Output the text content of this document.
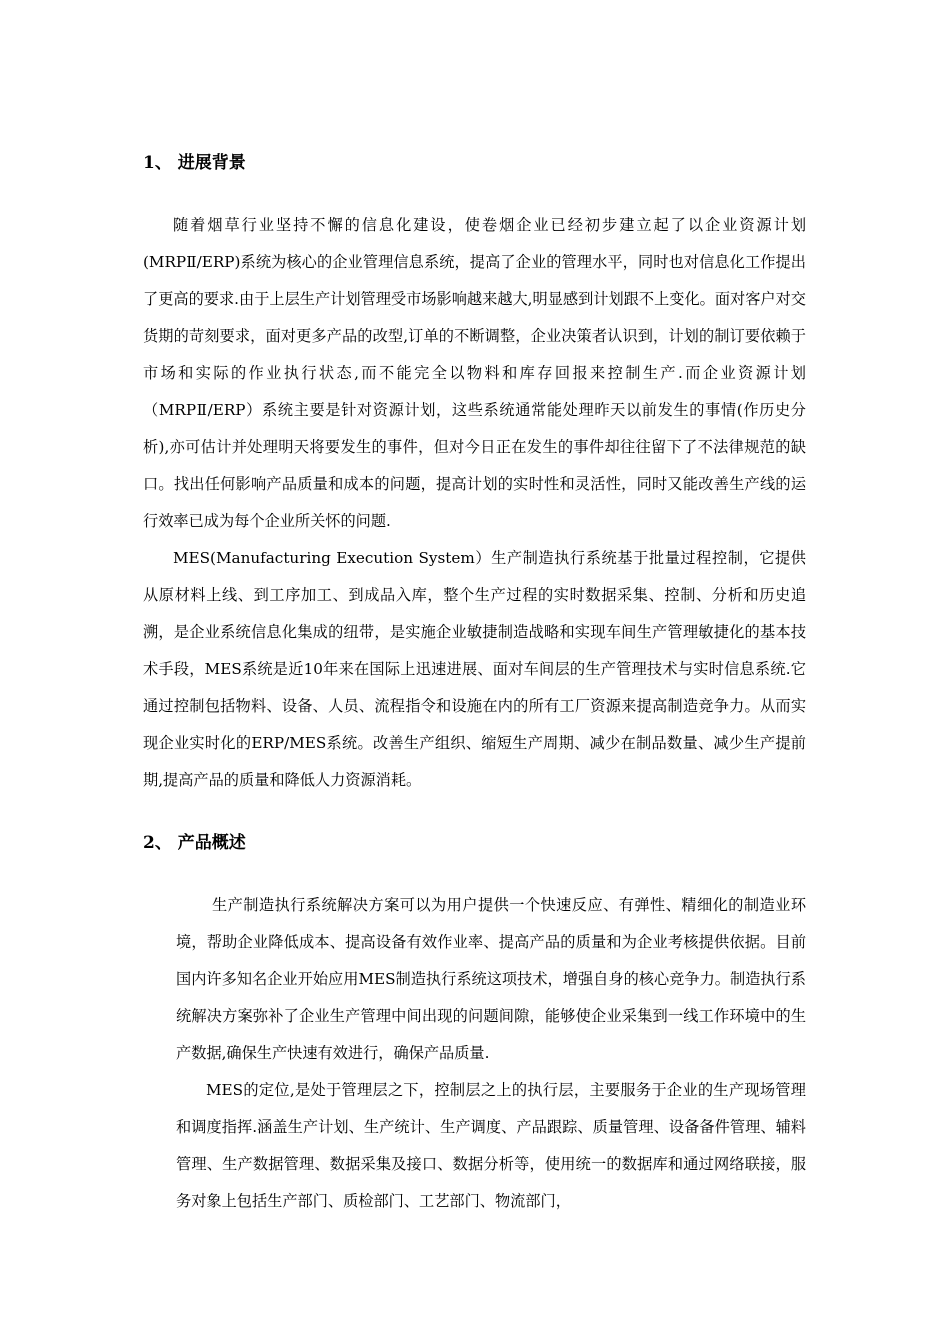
1、 进展背景

随着烟草行业坚持不懈的信息化建设，使卷烟企业已经初步建立起了以企业资源计划(MRPⅡ/ERP)系统为核心的企业管理信息系统，提高了企业的管理水平，同时也对信息化工作提出了更高的要求.由于上层生产计划管理受市场影响越来越大,明显感到计划跟不上变化。面对客户对交货期的苛刻要求，面对更多产品的改型,订单的不断调整，企业决策者认识到，计划的制订要依赖于市场和实际的作业执行状态,而不能完全以物料和库存回报来控制生产.而企业资源计划（MRPⅡ/ERP）系统主要是针对资源计划，这些系统通常能处理昨天以前发生的事情(作历史分析),亦可估计并处理明天将要发生的事件，但对今日正在发生的事件却往往留下了不法律规范的缺口。找出任何影响产品质量和成本的问题，提高计划的实时性和灵活性，同时又能改善生产线的运行效率已成为每个企业所关怀的问题.

MES(Manufacturing Execution System）生产制造执行系统基于批量过程控制，它提供从原材料上线、到工序加工、到成品入库，整个生产过程的实时数据采集、控制、分析和历史追溯，是企业系统信息化集成的纽带，是实施企业敏捷制造战略和实现车间生产管理敏捷化的基本技术手段，MES系统是近10年来在国际上迅速进展、面对车间层的生产管理技术与实时信息系统.它通过控制包括物料、设备、人员、流程指令和设施在内的所有工厂资源来提高制造竞争力。从而实现企业实时化的ERP/MES系统。改善生产组织、缩短生产周期、减少在制品数量、减少生产提前期,提高产品的质量和降低人力资源消耗。

2、 产品概述

生产制造执行系统解决方案可以为用户提供一个快速反应、有弹性、精细化的制造业环境，帮助企业降低成本、提高设备有效作业率、提高产品的质量和为企业考核提供依据。目前国内许多知名企业开始应用MES制造执行系统这项技术，增强自身的核心竞争力。制造执行系统解决方案弥补了企业生产管理中间出现的问题间隙，能够使企业采集到一线工作环境中的生产数据,确保生产快速有效进行，确保产品质量.

MES的定位,是处于管理层之下，控制层之上的执行层，主要服务于企业的生产现场管理和调度指挥.涵盖生产计划、生产统计、生产调度、产品跟踪、质量管理、设备备件管理、辅料管理、生产数据管理、数据采集及接口、数据分析等，使用统一的数据库和通过网络联接，服务对象上包括生产部门、质检部门、工艺部门、物流部门，
